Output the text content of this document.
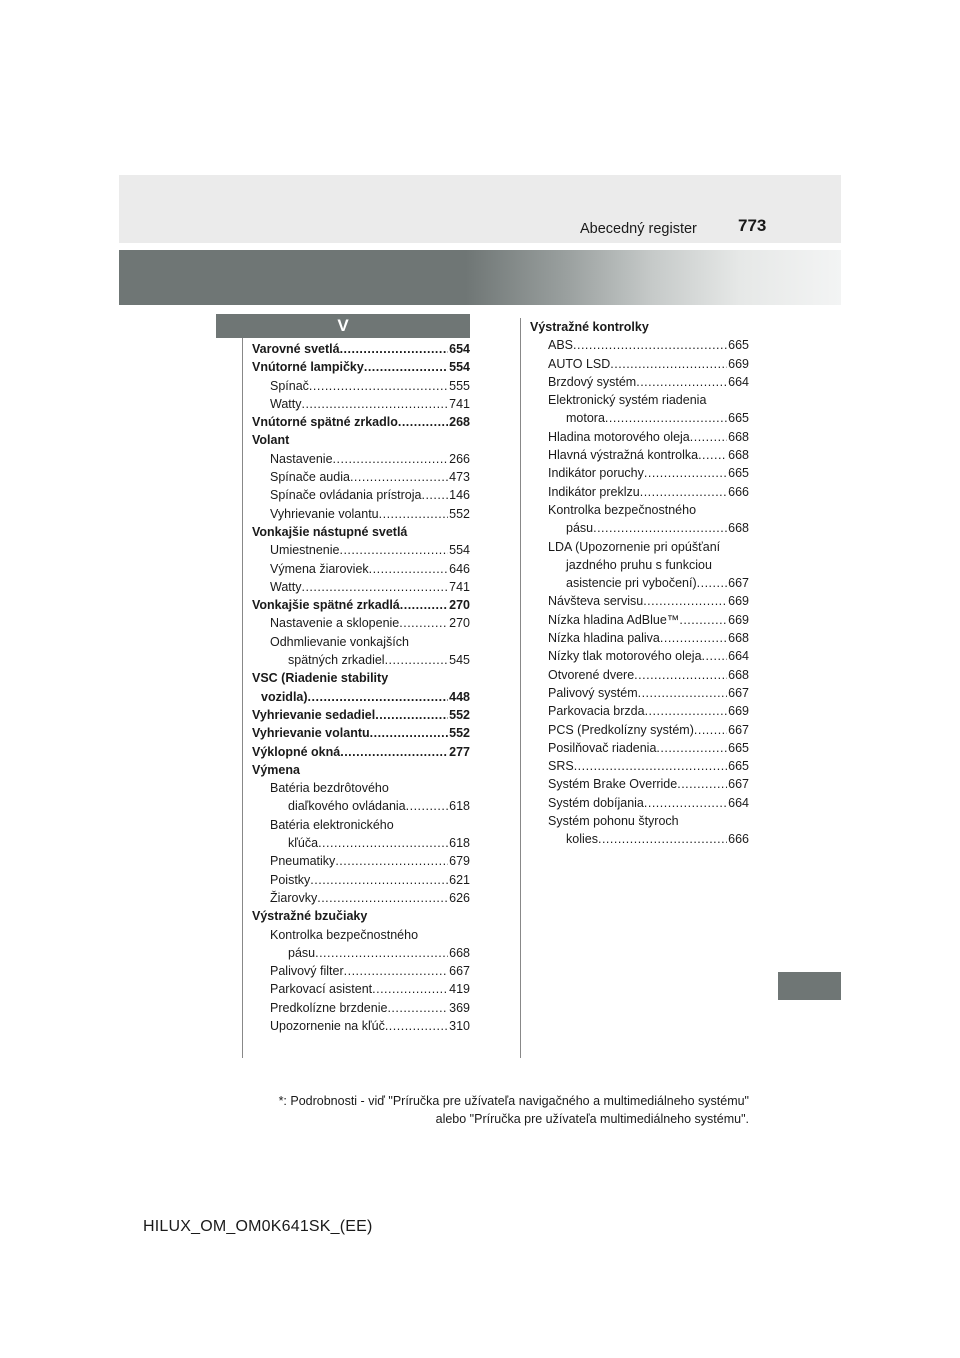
Abecedný register 773
V
Varovné svetlá .....	654
Vnútorné lampičky .....	554
Spínač .....	555
Watty .....	741
Vnútorné spätné zrkadlo .....	268
Volant
Nastavenie .....	266
Spínače audia .....	473
Spínače ovládania prístroja ..... 146
Vyhrievanie volantu .....	552
Vonkajšie nástupné svetlá
Umiestnenie .....	554
Výmena žiaroviek .....	646
Watty .....	741
Vonkajšie spätné zrkadlá .....	270
Nastavenie a sklopenie .....	270
Odhmlievanie vonkajších
spätných zrkadiel .....	545
VSC (Riadenie stability
vozidla) .....	448
Vyhrievanie sedadiel .....	552
Vyhrievanie volantu .....	552
Výklopné okná .....	277
Výmena
Batéria bezdrôtového
diaľkového ovládania .....	618
Batéria elektronického
kľúča .....	618
Pneumatiky .....	679
Poistky .....	621
Žiarovky .....	626
Výstražné bzučiaky
Kontrolka bezpečnostného
pásu .....	668
Palivový filter .....	667
Parkovací asistent .....	419
Predkolízne brzdenie .....	369
Upozornenie na kľúč .....	310
Výstražné kontrolky
ABS .....	665
AUTO LSD .....	669
Brzdový systém .....	664
Elektronický systém riadenia
motora .....	665
Hladina motorového oleja .....	668
Hlavná výstražná kontrolka ..... 668
Indikátor poruchy .....	665
Indikátor preklzu .....	666
Kontrolka bezpečnostného
pásu .....	668
LDA (Upozornenie pri opúšťaní
jazdného pruhu s funkciou
asistencie pri vybočení) .....	667
Návšteva servisu .....	669
Nízka hladina AdBlue™ .....	669
Nízka hladina paliva .....	668
Nízky tlak motorového oleja ..... 664
Otvorené dvere .....	668
Palivový systém .....	667
Parkovacia brzda .....	669
PCS (Predkolízny systém) .....	667
Posilňovač riadenia .....	665
SRS .....	665
Systém Brake Override .....	667
Systém dobíjania .....	664
Systém pohonu štyroch
kolies .....	666
*: Podrobnosti - viď "Príručka pre užívateľa navigačného a multimediálneho systému"
alebo "Príručka pre užívateľa multimediálneho systému".
HILUX_OM_OM0K641SK_(EE)
